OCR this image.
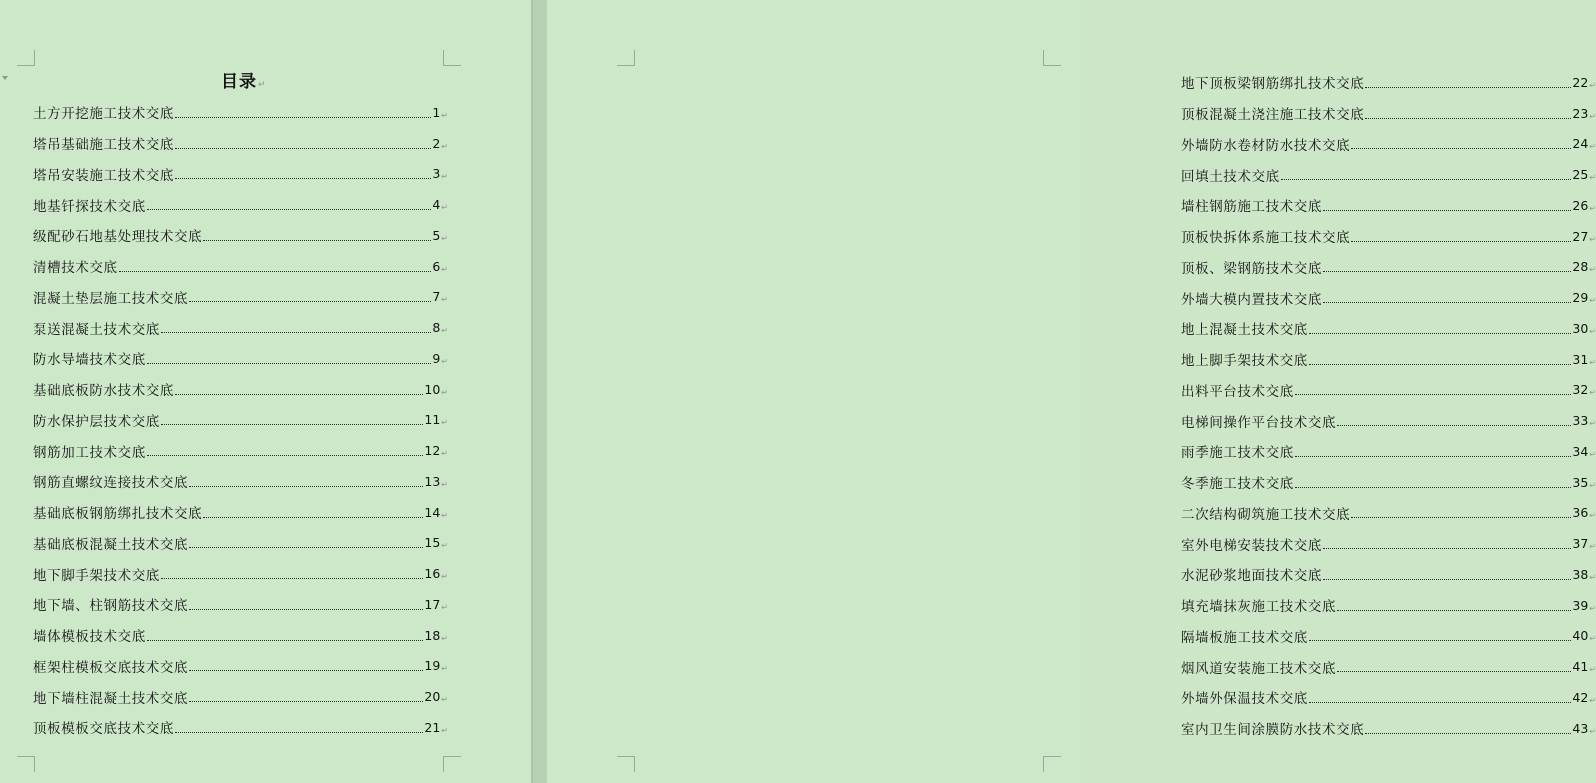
目录↵
土方开挖施工技术交底	1 ↵
塔吊基础施工技术交底	2 ↵
塔吊安装施工技术交底	3 ↵
地基钎探技术交底	4 ↵
级配砂石地基处理技术交底	5 ↵
清槽技术交底	6 ↵
混凝土垫层施工技术交底	7 ↵
泵送混凝土技术交底	8 ↵
防水导墙技术交底	9 ↵
基础底板防水技术交底	10 ↵
防水保护层技术交底	11 ↵
钢筋加工技术交底	12 ↵
钢筋直螺纹连接技术交底	13 ↵
基础底板钢筋绑扎技术交底	14 ↵
基础底板混凝土技术交底	15 ↵
地下脚手架技术交底	16 ↵
地下墙、柱钢筋技术交底	17 ↵
墙体模板技术交底	18 ↵
框架柱模板交底技术交底	19 ↵
地下墙柱混凝土技术交底	20 ↵
顶板模板交底技术交底	21 ↵
地下顶板梁钢筋绑扎技术交底	22 ↵
顶板混凝土浇注施工技术交底	23 ↵
外墙防水卷材防水技术交底	24 ↵
回填土技术交底	25 ↵
墙柱钢筋施工技术交底	26 ↵
顶板快拆体系施工技术交底	27 ↵
顶板、梁钢筋技术交底	28 ↵
外墙大模内置技术交底	29 ↵
地上混凝土技术交底	30 ↵
地上脚手架技术交底	31 ↵
出料平台技术交底	32 ↵
电梯间操作平台技术交底	33 ↵
雨季施工技术交底	34 ↵
冬季施工技术交底	35 ↵
二次结构砌筑施工技术交底	36 ↵
室外电梯安装技术交底	37 ↵
水泥砂浆地面技术交底	38 ↵
填充墙抹灰施工技术交底	39 ↵
隔墙板施工技术交底	40 ↵
烟风道安装施工技术交底	41 ↵
外墙外保温技术交底	42 ↵
室内卫生间涂膜防水技术交底	43 ↵
